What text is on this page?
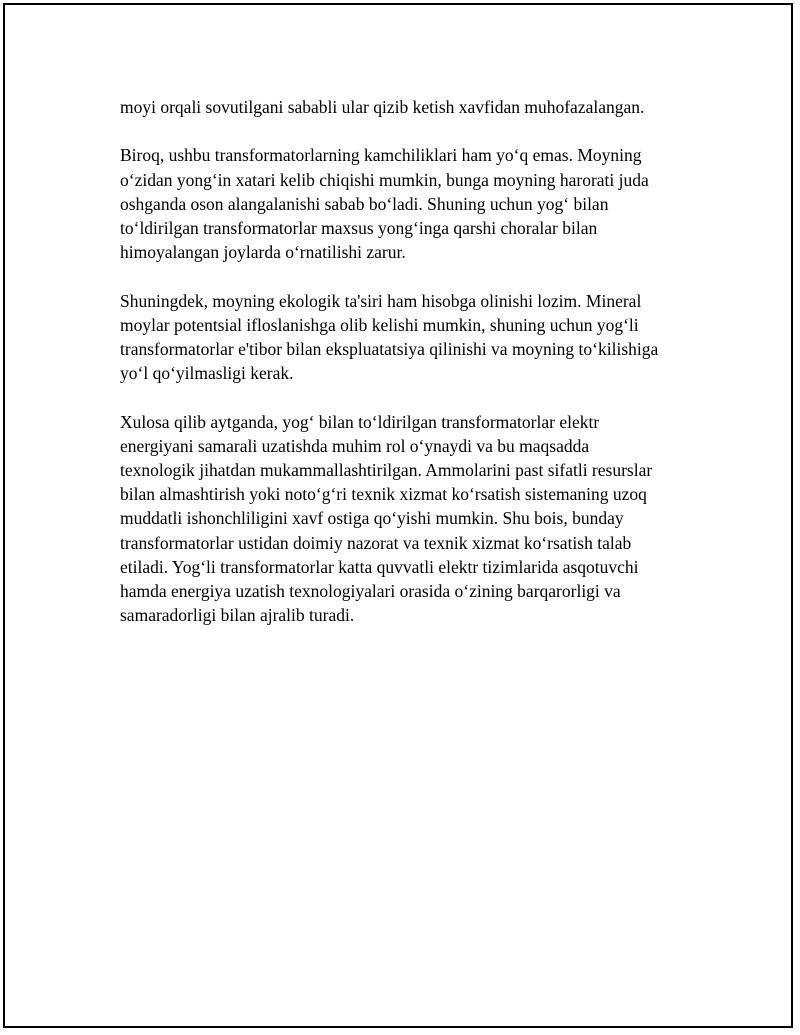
moyi orqali sovutilgani sababli ular qizib ketish xavfidan muhofazalangan.

Biroq, ushbu transformatorlarning kamchiliklari ham yo‘q emas. Moyning
o‘zidan yong‘in xatari kelib chiqishi mumkin, bunga moyning harorati juda
oshganda oson alangalanishi sabab bo‘ladi. Shuning uchun yog‘ bilan
to‘ldirilgan transformatorlar maxsus yong‘inga qarshi choralar bilan
himoyalangan joylarda o‘rnatilishi zarur.

Shuningdek, moyning ekologik ta'siri ham hisobga olinishi lozim. Mineral
moylar potentsial ifloslanishga olib kelishi mumkin, shuning uchun yog‘li
transformatorlar e'tibor bilan ekspluatatsiya qilinishi va moyning to‘kilishiga
yo‘l qo‘yilmasligi kerak.

Xulosa qilib aytganda, yog‘ bilan to‘ldirilgan transformatorlar elektr
energiyani samarali uzatishda muhim rol o‘ynaydi va bu maqsadda
texnologik jihatdan mukammallashtirilgan. Ammolarini past sifatli resurslar
bilan almashtirish yoki noto‘g‘ri texnik xizmat ko‘rsatish sistemaning uzoq
muddatli ishonchliligini xavf ostiga qo‘yishi mumkin. Shu bois, bunday
transformatorlar ustidan doimiy nazorat va texnik xizmat ko‘rsatish talab
etiladi. Yog‘li transformatorlar katta quvvatli elektr tizimlarida asqotuvchi
hamda energiya uzatish texnologiyalari orasida o‘zining barqarorligi va
samaradorligi bilan ajralib turadi.
